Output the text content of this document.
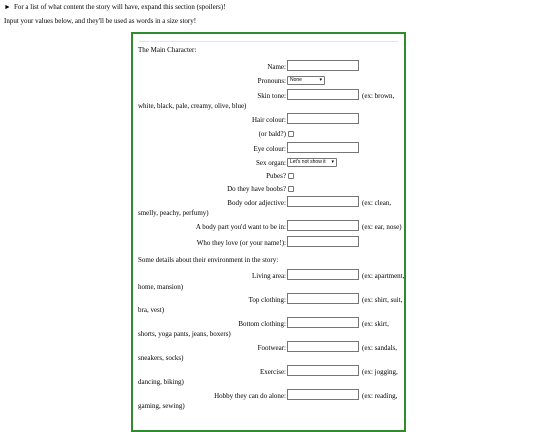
► For a list of what content the story will have, expand this section (spoilers)!
Input your values below, and they'll be used as words in a sizе story!
The Main Character:
Name:
Pronouns: None	▾
Skin tone:	(ex: brown,
white, black, pale, creamy, olive, blue)
Hair colour:
(or bald?)
Eye colour:
Sex organ: Let's not show it ▾
Pubes?
Do they have boobs?
Body odor adjective:	(ex: clean,
smelly, peachy, perfumy)
A body part you'd want to be in:	(ex: ear, nose)
Who they love (or your name!):
Some details about their environment in the story:
Living area:	(ex: apartment,
home, mansion)
Top clothing:	(ex: shirt, suit,
bra, vest)
Bottom clothing:	(ex: skirt,
shorts, yoga pants, jeans, boxers)
Footwear:	(ex: sandals,
sneakers, socks)
Exercise:	(ex: jogging,
dancing, biking)
Hobby they can do alone:	(ex: reading,
gaming, sewing)
